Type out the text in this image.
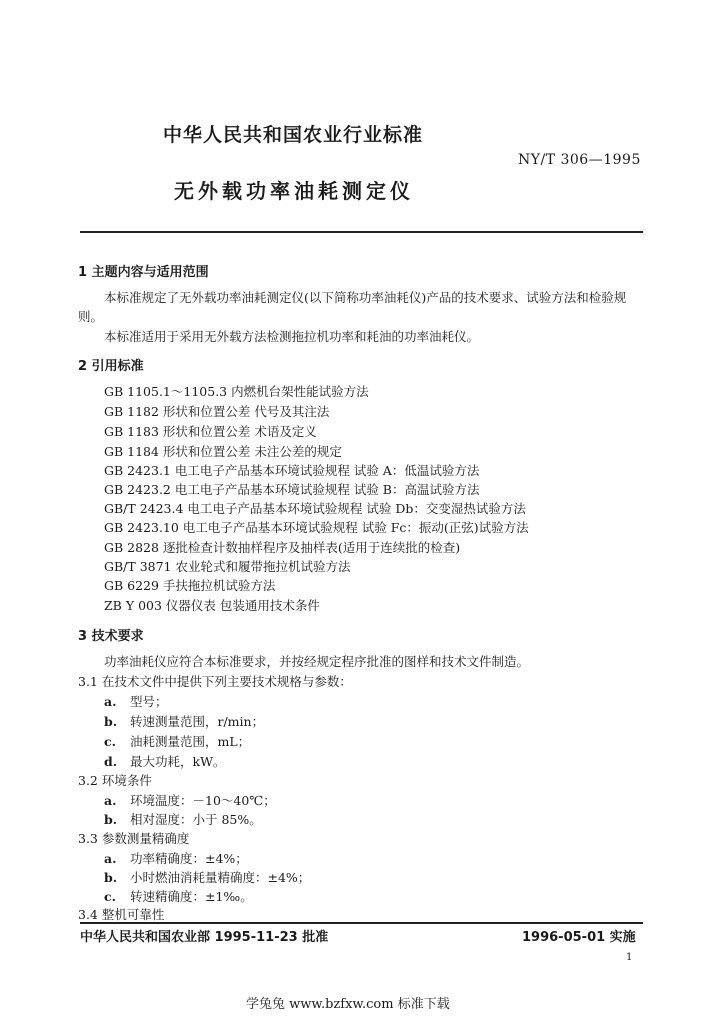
中华人民共和国农业行业标准
NY/T 306—1995
无外载功率油耗测定仪
1 主题内容与适用范围
本标准规定了无外载功率油耗测定仪(以下简称功率油耗仪)产品的技术要求、试验方法和检验规
则。
本标准适用于采用无外载方法检测拖拉机功率和耗油的功率油耗仪。
2 引用标准
GB 1105.1～1105.3 内燃机台架性能试验方法
GB 1182 形状和位置公差 代号及其注法
GB 1183 形状和位置公差 术语及定义
GB 1184 形状和位置公差 未注公差的规定
GB 2423.1 电工电子产品基本环境试验规程 试验 A：低温试验方法
GB 2423.2 电工电子产品基本环境试验规程 试验 B：高温试验方法
GB/T 2423.4 电工电子产品基本环境试验规程 试验 Db：交变湿热试验方法
GB 2423.10 电工电子产品基本环境试验规程 试验 Fc：振动(正弦)试验方法
GB 2828 逐批检查计数抽样程序及抽样表(适用于连续批的检查)
GB/T 3871 农业轮式和履带拖拉机试验方法
GB 6229 手扶拖拉机试验方法
ZB Y 003 仪器仪表 包装通用技术条件
3 技术要求
功率油耗仪应符合本标准要求，并按经规定程序批准的图样和技术文件制造。
3.1 在技术文件中提供下列主要技术规格与参数：
a. 型号；
b. 转速测量范围，r/min；
c. 油耗测量范围，mL；
d. 最大功耗，kW。
3.2 环境条件
a. 环境温度：－10～40℃；
b. 相对湿度：小于 85%。
3.3 参数测量精确度
a. 功率精确度：±4%；
b. 小时燃油消耗量精确度：±4%；
c. 转速精确度：±1‰。
3.4 整机可靠性
中华人民共和国农业部 1995-11-23 批准	1996-05-01 实施
1
学兔兔 www.bzfxw.com 标准下载
